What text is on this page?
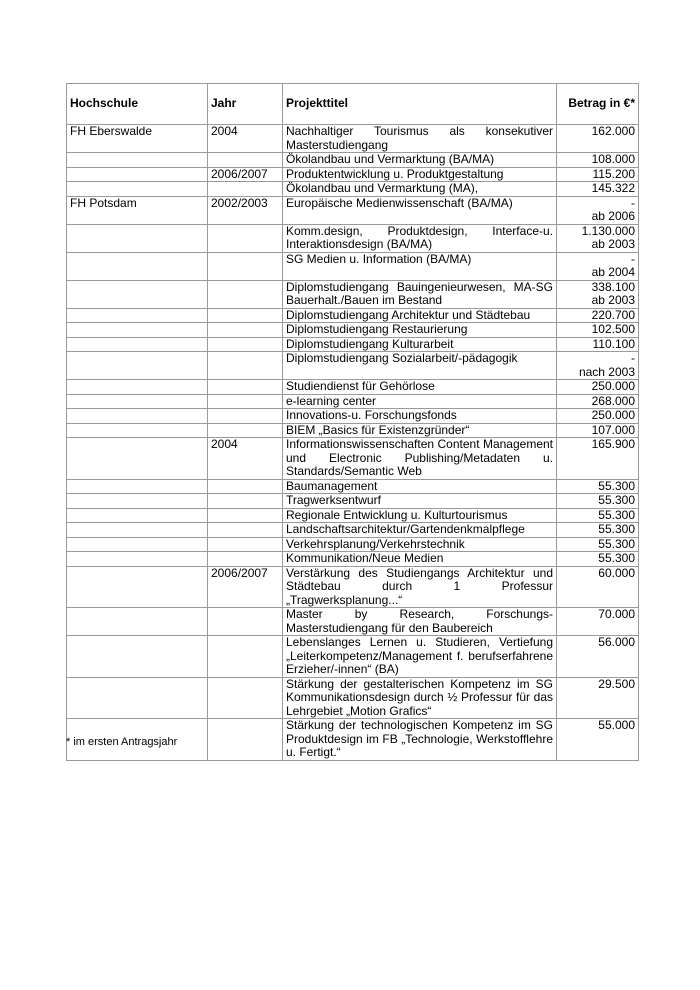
Hochschule	Jahr	Projekttitel	Betrag in €*
FH Eberswalde	2004	Nachhaltiger Tourismus als konsekutiver Masterstudiengang	162.000

		Ökolandbau und Vermarktung (BA/MA)	108.000

	2006/2007	Produktentwicklung u. Produktgestaltung	115.200

		Ökolandbau und Vermarktung (MA),	145.322

FH Potsdam	2002/2003	Europäische Medienwissenschaft (BA/MA)	-
ab 2006

		Komm.design, Produktdesign, Interface-u. Interaktionsdesign (BA/MA)	1.130.000
ab 2003

		SG Medien u. Information (BA/MA)	-
ab 2004

		Diplomstudiengang Bauingenieurwesen, MA-SG Bauerhalt./Bauen im Bestand	338.100
ab 2003

		Diplomstudiengang Architektur und Städtebau	220.700

		Diplomstudiengang Restaurierung	102.500

		Diplomstudiengang Kulturarbeit	110.100

		Diplomstudiengang Sozialarbeit/-pädagogik	-
nach 2003

		Studiendienst für Gehörlose	250.000

		e-learning center	268.000

		Innovations-u. Forschungsfonds	250.000

		BIEM „Basics für Existenzgründer“	107.000

	2004	Informationswissenschaften Content Management und Electronic Publishing/Metadaten u. Standards/Semantic Web	165.900

		Baumanagement	55.300

		Tragwerksentwurf	55.300

		Regionale Entwicklung u. Kulturtourismus	55.300

		Landschaftsarchitektur/Gartendenkmalpflege	55.300

		Verkehrsplanung/Verkehrstechnik	55.300

		Kommunikation/Neue Medien	55.300

	2006/2007	Verstärkung des Studiengangs Architektur und Städtebau durch 1 Professur „Tragwerksplanung...“	60.000

		Master by Research, Forschungs-Masterstudiengang für den Baubereich	70.000

		Lebenslanges Lernen u. Studieren, Vertiefung „Leiterkompetenz/Management f. berufserfahrene Erzieher/-innen“ (BA)	56.000

		Stärkung der gestalterischen Kompetenz im SG Kommunikationsdesign durch ½ Professur für das Lehrgebiet „Motion Grafics“	29.500

		Stärkung der technologischen Kompetenz im SG Produktdesign im FB „Technologie, Werkstofflehre u. Fertigt.“	55.000
* im ersten Antragsjahr
